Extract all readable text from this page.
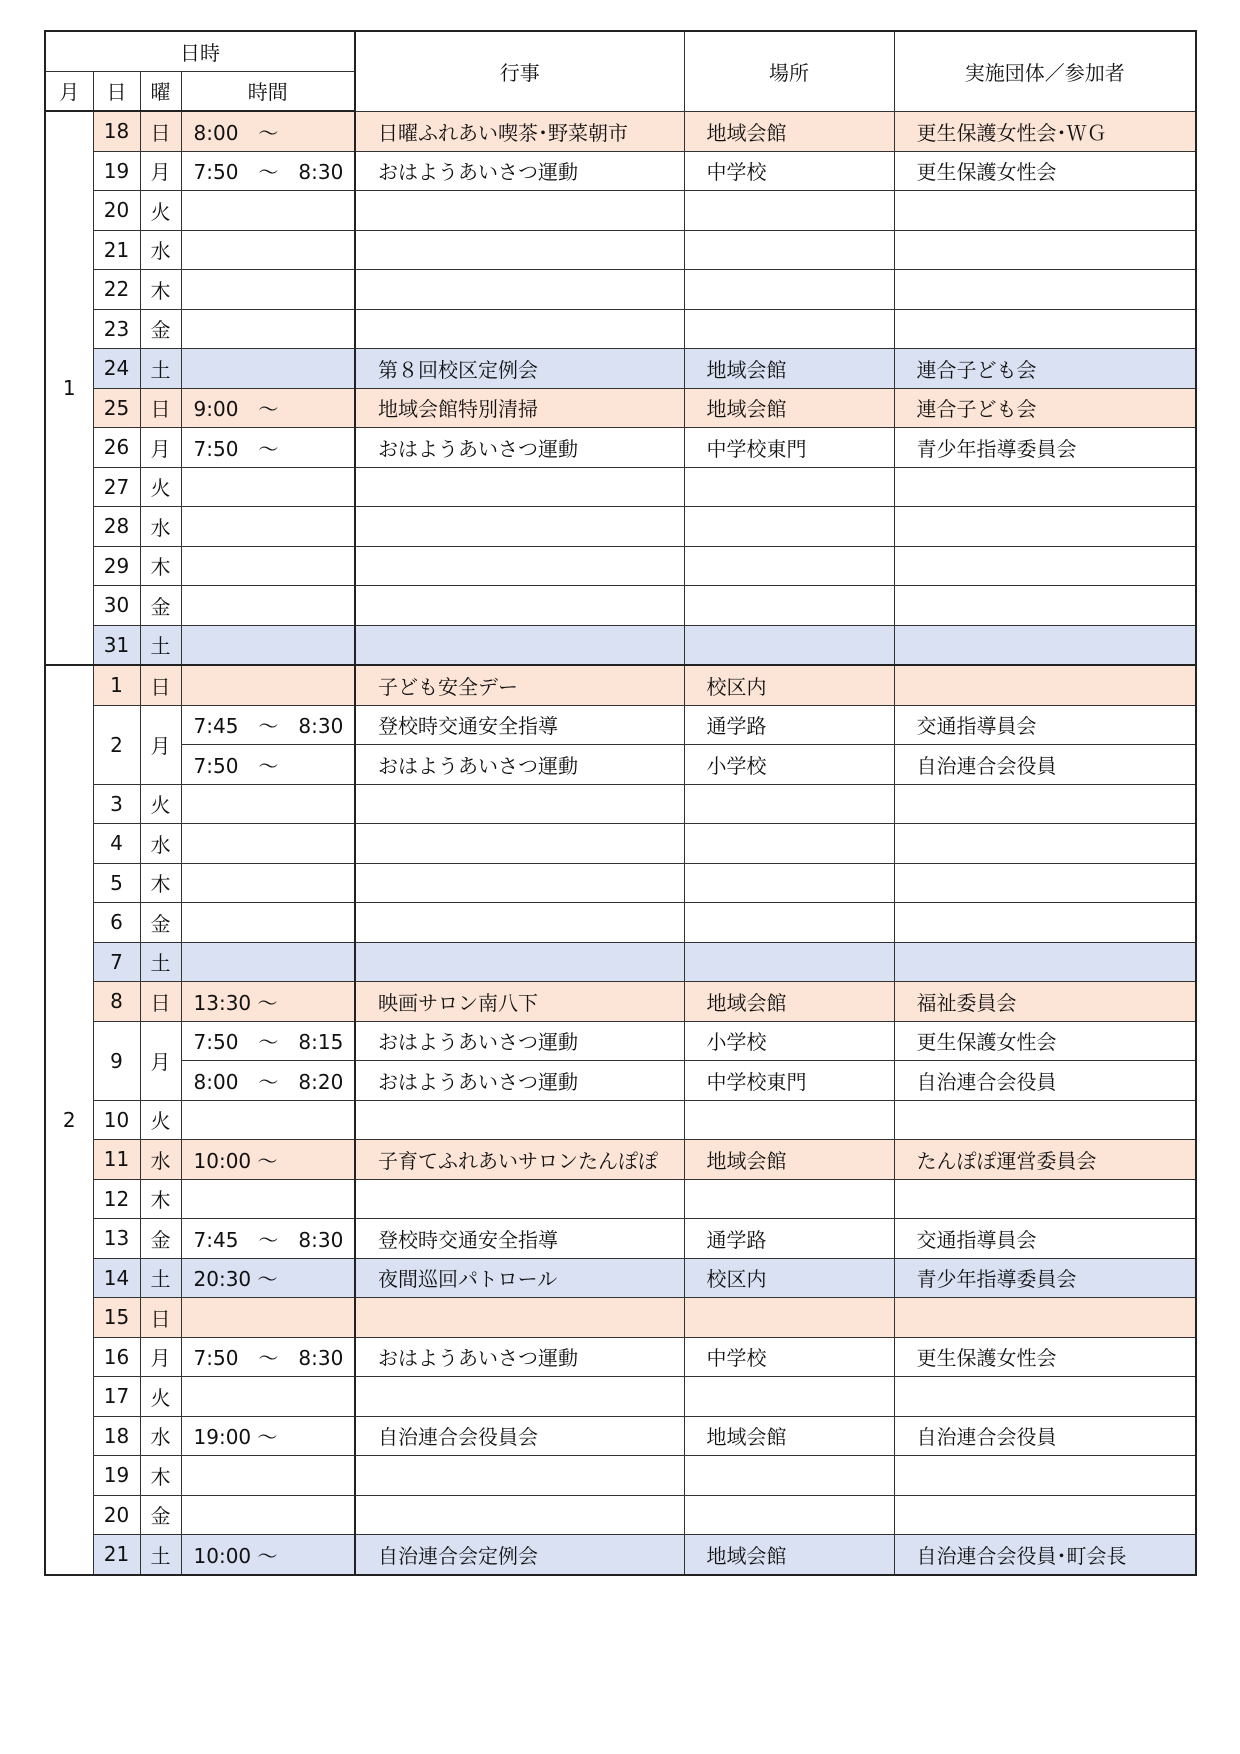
日時				行事	場所	実施団体／参加者
月	日	曜	時間			
1	18	日	8:00　～	日曜ふれあい喫茶･野菜朝市	地域会館	更生保護女性会･ＷＧ
	19	月	7:50　～　8:30	おはようあいさつ運動	中学校	更生保護女性会
	20	火				
	21	水				
	22	木				
	23	金				
	24	土		第８回校区定例会	地域会館	連合子ども会
	25	日	9:00　～	地域会館特別清掃	地域会館	連合子ども会
	26	月	7:50　～	おはようあいさつ運動	中学校東門	青少年指導委員会
	27	火				
	28	水				
	29	木				
	30	金				
	31	土				
2	1	日		子ども安全デー	校区内	
	2	月	7:45　～　8:30	登校時交通安全指導	通学路	交通指導員会
			7:50　～	おはようあいさつ運動	小学校	自治連合会役員
	3	火				
	4	水				
	5	木				
	6	金				
	7	土				
	8	日	13:30 ～	映画サロン南八下	地域会館	福祉委員会
	9	月	7:50　～　8:15	おはようあいさつ運動	小学校	更生保護女性会
			8:00　～　8:20	おはようあいさつ運動	中学校東門	自治連合会役員
	10	火				
	11	水	10:00 ～	子育てふれあいサロンたんぽぽ	地域会館	たんぽぽ運営委員会
	12	木				
	13	金	7:45　～　8:30	登校時交通安全指導	通学路	交通指導員会
	14	土	20:30 ～	夜間巡回パトロール	校区内	青少年指導委員会
	15	日				
	16	月	7:50　～　8:30	おはようあいさつ運動	中学校	更生保護女性会
	17	火				
	18	水	19:00 ～	自治連合会役員会	地域会館	自治連合会役員
	19	木				
	20	金				
	21	土	10:00 ～	自治連合会定例会	地域会館	自治連合会役員･町会長
